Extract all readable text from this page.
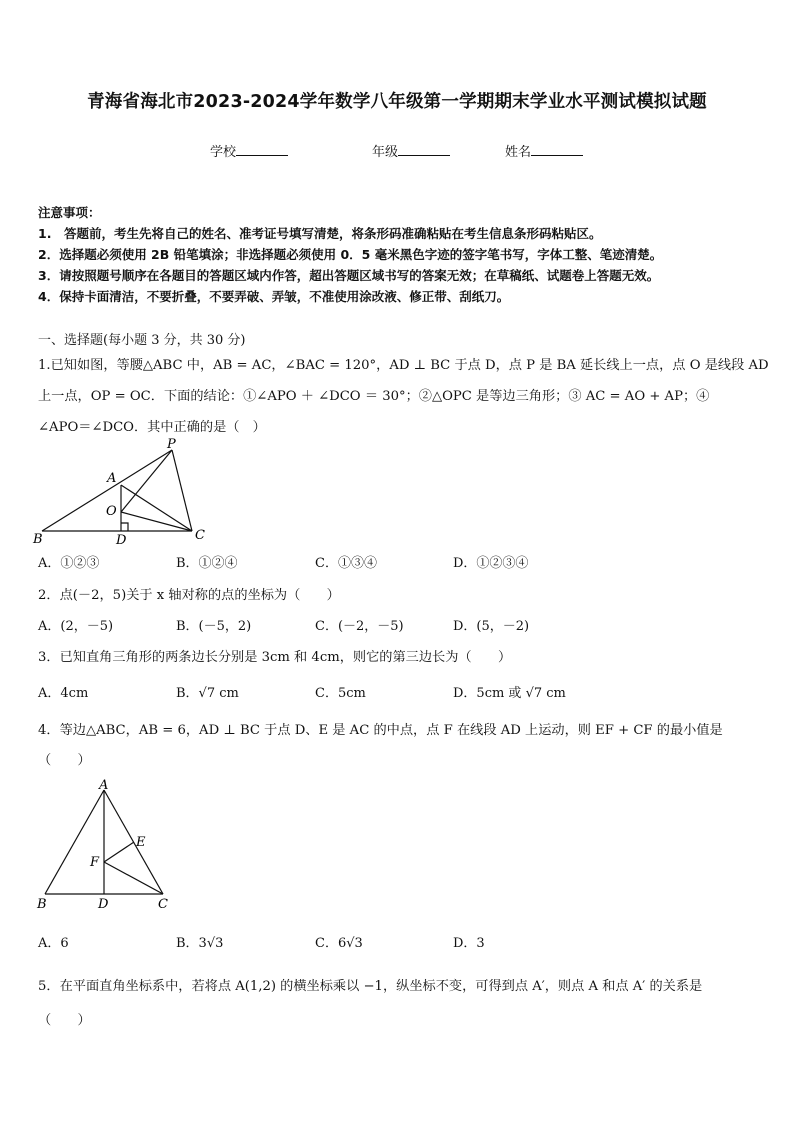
青海省海北市2023-2024学年数学八年级第一学期期末学业水平测试模拟试题
学校	年级	姓名
注意事项：
1.　答题前，考生先将自己的姓名、准考证号填写清楚，将条形码准确粘贴在考生信息条形码粘贴区。
2．选择题必须使用 2B 铅笔填涂；非选择题必须使用 0．5 毫米黑色字迹的签字笔书写，字体工整、笔迹清楚。
3．请按照题号顺序在各题目的答题区域内作答，超出答题区域书写的答案无效；在草稿纸、试题卷上答题无效。
4．保持卡面清洁，不要折叠，不要弄破、弄皱，不准使用涂改液、修正带、刮纸刀。
一、选择题(每小题 3 分，共 30 分)
1.已知如图，等腰△ABC 中，AB = AC，∠BAC = 120°，AD ⊥ BC 于点 D，点 P 是 BA 延长线上一点，点 O 是线段 AD
上一点，OP = OC．下面的结论：①∠APO ＋ ∠DCO ＝ 30°；②△OPC 是等边三角形；③ AC = AO + AP；④
∠APO＝∠DCO．其中正确的是（　）
B	D	C
A
O
P
A．①②③	B．①②④	C．①③④	D．①②③④
2．点(－2，5)关于 x 轴对称的点的坐标为（　　）
A．(2，－5)	B．(－5，2)	C．(－2，－5)	D．(5，－2)
3．已知直角三角形的两条边长分别是 3cm 和 4cm，则它的第三边长为（　　）
A．4cm	B．√7 cm	C．5cm	D．5cm 或 √7 cm
4．等边△ABC，AB = 6，AD ⊥ BC 于点 D、E 是 AC 的中点，点 F 在线段 AD 上运动，则 EF + CF 的最小值是
（　　）
A
B	D	C
E
F
A．6	B．3√3	C．6√3	D．3
5．在平面直角坐标系中，若将点 A(1,2) 的横坐标乘以 −1，纵坐标不变，可得到点 A′，则点 A 和点 A′ 的关系是
（　　）
